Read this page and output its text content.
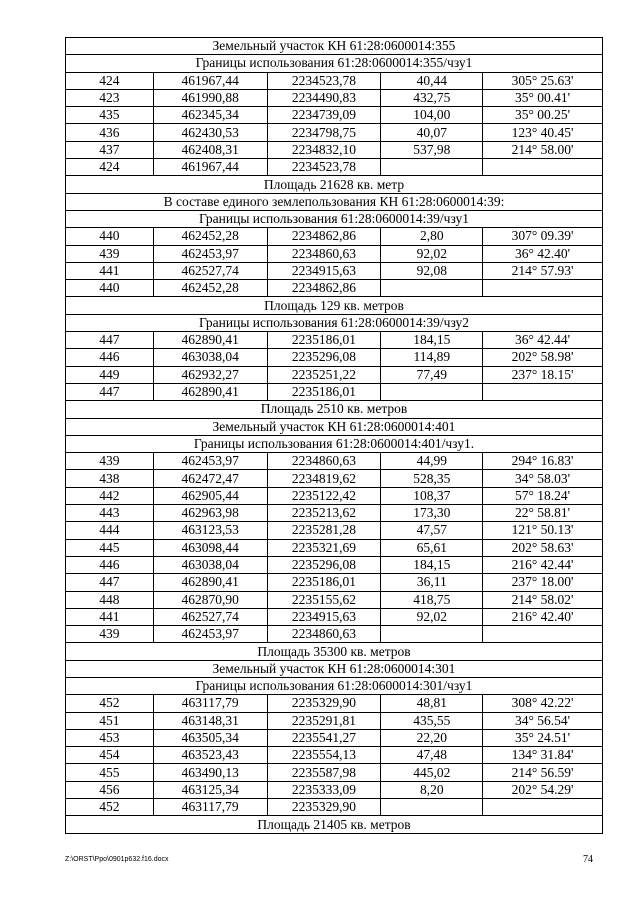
Земельный участок КН 61:28:0600014:355				
Границы использования 61:28:0600014:355/чзу1				
424	461967,44	2234523,78	40,44	305° 25.63'
423	461990,88	2234490,83	432,75	35° 00.41'
435	462345,34	2234739,09	104,00	35° 00.25'
436	462430,53	2234798,75	40,07	123° 40.45'
437	462408,31	2234832,10	537,98	214° 58.00'
424	461967,44	2234523,78		
Площадь 21628 кв. метр				
В составе единого землепользования КН 61:28:0600014:39:				
Границы использования 61:28:0600014:39/чзу1				
440	462452,28	2234862,86	2,80	307° 09.39'
439	462453,97	2234860,63	92,02	36° 42.40'
441	462527,74	2234915,63	92,08	214° 57.93'
440	462452,28	2234862,86		
Площадь 129 кв. метров				
Границы использования 61:28:0600014:39/чзу2				
447	462890,41	2235186,01	184,15	36° 42.44'
446	463038,04	2235296,08	114,89	202° 58.98'
449	462932,27	2235251,22	77,49	237° 18.15'
447	462890,41	2235186,01		
Площадь 2510 кв. метров				
Земельный участок КН 61:28:0600014:401				
Границы использования 61:28:0600014:401/чзу1.				
439	462453,97	2234860,63	44,99	294° 16.83'
438	462472,47	2234819,62	528,35	34° 58.03'
442	462905,44	2235122,42	108,37	57° 18.24'
443	462963,98	2235213,62	173,30	22° 58.81'
444	463123,53	2235281,28	47,57	121° 50.13'
445	463098,44	2235321,69	65,61	202° 58.63'
446	463038,04	2235296,08	184,15	216° 42.44'
447	462890,41	2235186,01	36,11	237° 18.00'
448	462870,90	2235155,62	418,75	214° 58.02'
441	462527,74	2234915,63	92,02	216° 42.40'
439	462453,97	2234860,63		
Площадь 35300 кв. метров				
Земельный участок КН 61:28:0600014:301				
Границы использования 61:28:0600014:301/чзу1				
452	463117,79	2235329,90	48,81	308° 42.22'
451	463148,31	2235291,81	435,55	34° 56.54'
453	463505,34	2235541,27	22,20	35° 24.51'
454	463523,43	2235554,13	47,48	134° 31.84'
455	463490,13	2235587,98	445,02	214° 56.59'
456	463125,34	2235333,09	8,20	202° 54.29'
452	463117,79	2235329,90		
Площадь 21405 кв. метров				
Z:\ORST\Ppo\0901p632.f16.docx	74
